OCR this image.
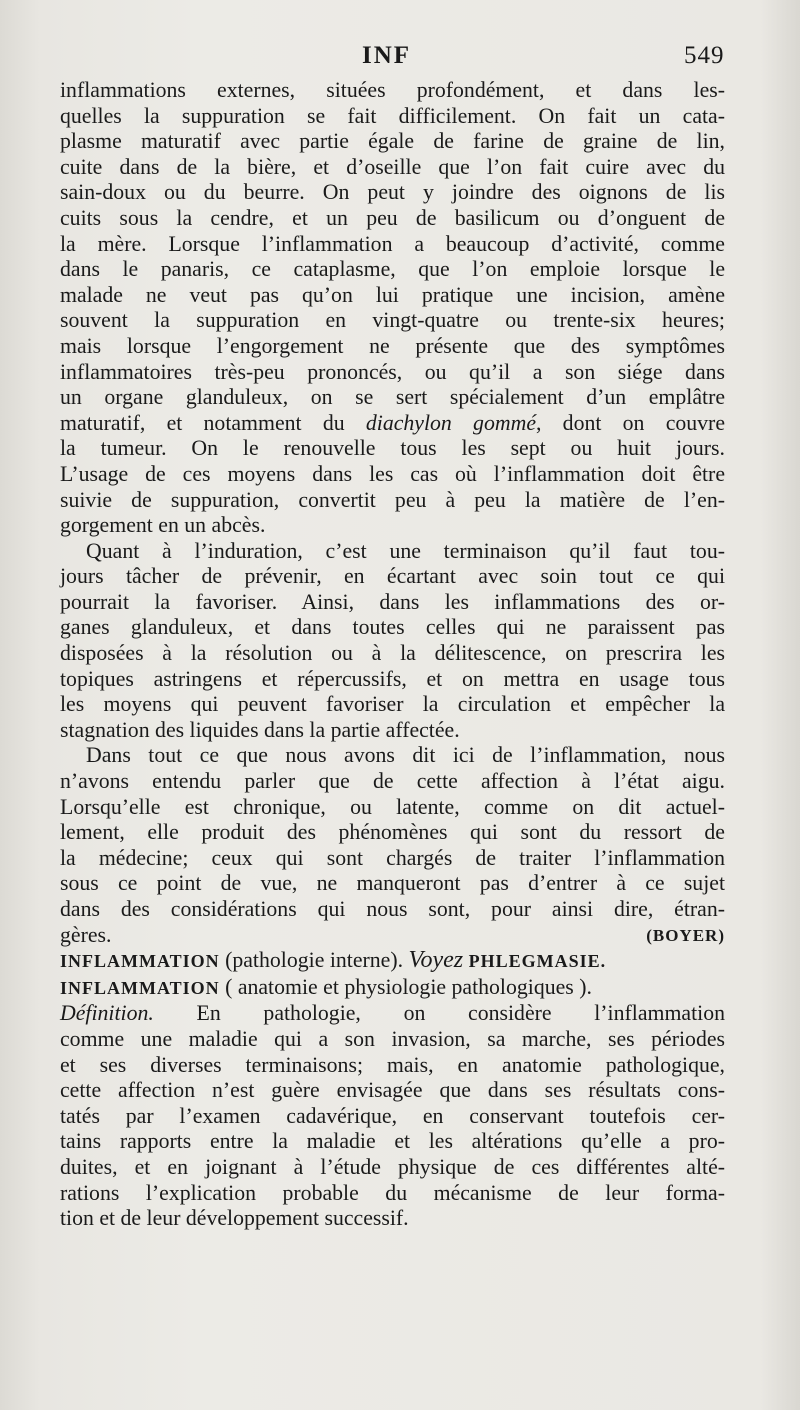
INF	549

inflammations externes, situées profondément, et dans les-
quelles la suppuration se fait difficilement. On fait un cata-
plasme maturatif avec partie égale de farine de graine de lin,
cuite dans de la bière, et d’oseille que l’on fait cuire avec du
sain-doux ou du beurre. On peut y joindre des oignons de lis
cuits sous la cendre, et un peu de basilicum ou d’onguent de
la mère. Lorsque l’inflammation a beaucoup d’activité, comme
dans le panaris, ce cataplasme, que l’on emploie lorsque le
malade ne veut pas qu’on lui pratique une incision, amène
souvent la suppuration en vingt-quatre ou trente-six heures;
mais lorsque l’engorgement ne présente que des symptômes
inflammatoires très-peu prononcés, ou qu’il a son siége dans
un organe glanduleux, on se sert spécialement d’un emplâtre
maturatif, et notamment du diachylon gommé, dont on couvre
la tumeur. On le renouvelle tous les sept ou huit jours.
L’usage de ces moyens dans les cas où l’inflammation doit être
suivie de suppuration, convertit peu à peu la matière de l’en-
gorgement en un abcès.

Quant à l’induration, c’est une terminaison qu’il faut tou-
jours tâcher de prévenir, en écartant avec soin tout ce qui
pourrait la favoriser. Ainsi, dans les inflammations des or-
ganes glanduleux, et dans toutes celles qui ne paraissent pas
disposées à la résolution ou à la délitescence, on prescrira les
topiques astringens et répercussifs, et on mettra en usage tous
les moyens qui peuvent favoriser la circulation et empêcher la
stagnation des liquides dans la partie affectée.

Dans tout ce que nous avons dit ici de l’inflammation, nous
n’avons entendu parler que de cette affection à l’état aigu.
Lorsqu’elle est chronique, ou latente, comme on dit actuel-
lement, elle produit des phénomènes qui sont du ressort de
la médecine; ceux qui sont chargés de traiter l’inflammation
sous ce point de vue, ne manqueront pas d’entrer à ce sujet
dans des considérations qui nous sont, pour ainsi dire, étran-
gères.	(BOYER)

INFLAMMATION (pathologie interne). Voyez PHLEGMASIE.

INFLAMMATION ( anatomie et physiologie pathologiques ).

Définition. En pathologie, on considère l’inflammation
comme une maladie qui a son invasion, sa marche, ses périodes
et ses diverses terminaisons; mais, en anatomie pathologique,
cette affection n’est guère envisagée que dans ses résultats cons-
tatés par l’examen cadavérique, en conservant toutefois cer-
tains rapports entre la maladie et les altérations qu’elle a pro-
duites, et en joignant à l’étude physique de ces différentes alté-
rations l’explication probable du mécanisme de leur forma-
tion et de leur développement successif.
